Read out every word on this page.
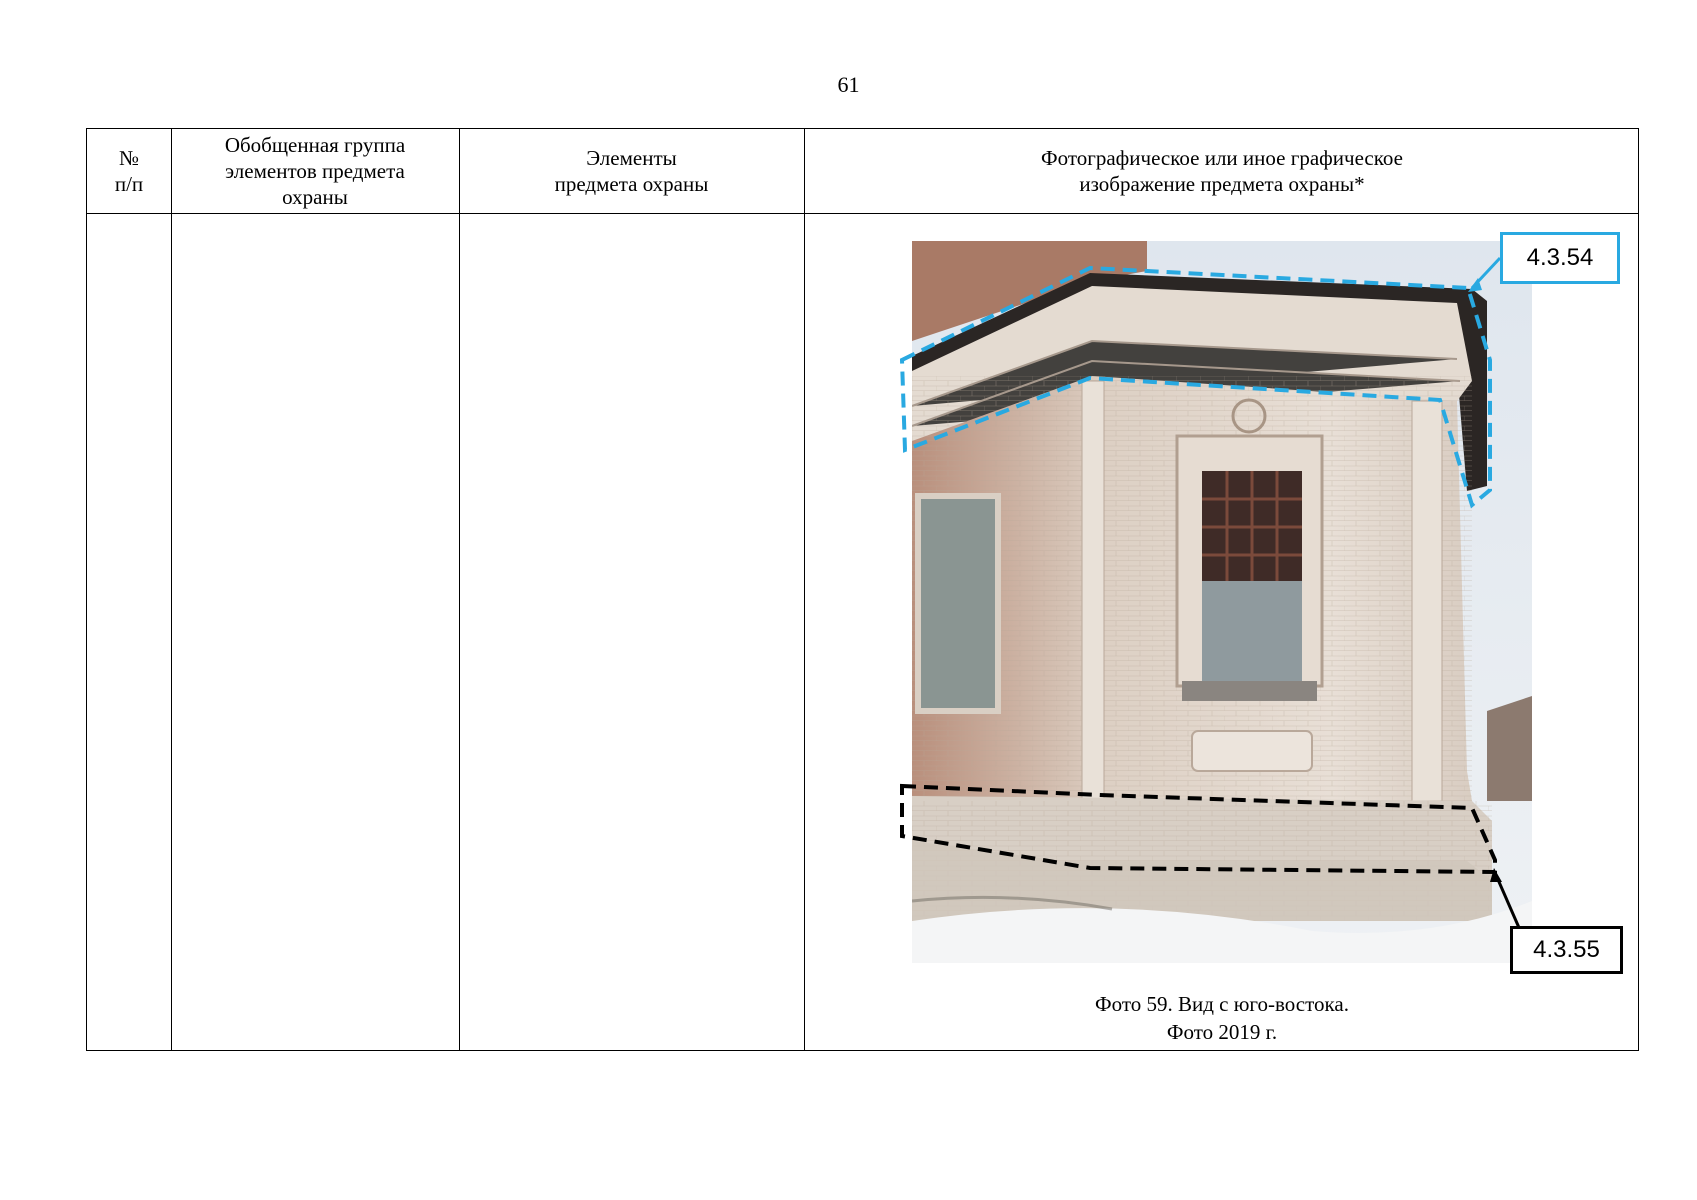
61
№
п/п
Обобщенная группа
элементов предмета
охраны
Элементы
предмета охраны
Фотографическое или иное графическое
изображение предмета охраны*
4.3.54
4.3.55
Фото 59. Вид с юго-востока.
Фото 2019 г.
